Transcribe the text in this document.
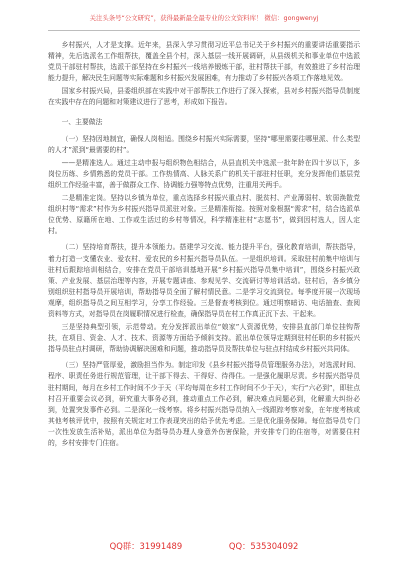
关注头条号“公文研究”，获得最新最全最专业的公文资料库！ 微信：gongwenyj

乡村振兴，人才是支撑。近年来，县深入学习贯彻习近平总书记关于乡村振兴的重要讲话重要指示精神，先后选派名工作组帮扶，覆盖全县个村，深入基层一线开展调研，从县级机关和事业单位中选派党员干部驻村帮扶，选派干部坚持在乡村振兴一线培养锻炼干部，驻村帮扶干部，有效推进了乡村治理能力提升，解决民生问题等实际难题和乡村振兴发展困难，有力推动了乡村振兴各项工作落地见效。

国家乡村振兴局，县委组织部在实践中对干部帮扶工作进行了深入探索，县对乡村振兴指导员制度在实践中存在的问题和对策建议进行了思考，形成如下报告。

一、主要做法

（一）坚持因地制宜，确保人岗相适。围绕乡村振兴实际需要，坚持“哪里需要往哪里派、什么类型的人才”派到“最需要的村”。

——是精准选人。通过主动申报与组织物色相结合，从县直机关中选派一批年龄在四十岁以下，多岗位历练、乡情熟悉的党员干部。工作热情高、人脉关系广的机关干部驻村任职，充分发挥他们基层党组织工作经验丰富，善于做群众工作、协调能力强等特点优势，注重用关两手。

二是精准定岗。坚持以乡镇为单位，重点选择乡村振兴重点村、脱贫村、产业薄弱村、软弱涣散党组织村等“需求”村作为乡村振兴指导员派驻对象。三是精准衔接。按照对象根据“需求”村，结合选派单位优势、原籍所在地、工作或生活过的乡村等情况，科学精准驻村“志愿书”，做到因村选人，因人定村。

（二）坚持培育帮扶，提升本领能力。搭建学习交流、能力提升平台，强化教育培训，帮扶指导，着力打造一支懂农业、爱农村、爱农民的乡村振兴指导员队伍。一是组织培训。采取驻村前集中培训与驻村后跟踪培训相结合，安排在党员干部培训基地开展“乡村振兴指导员集中培训”，围绕乡村振兴政策、产业发展、基层治理等内容，开展专题讲座、参观见学、交流研讨等培训活动。驻村后，各乡镇分别组织驻村指导员开展培训，帮助指导员全面了解村情民意。二是学习交流到位。每季度开展一次现场观摩，组织指导员之间互相学习，分享工作经验。三是督查考核到位。通过明察暗访、电话抽查、查阅资料等方式，对指导员在岗履职情况进行检查，确保指导员在村工作真正沉下去、干起来。

三是坚持典型引领，示范带动。充分发挥派出单位“娘家”人资源优势，安排县直部门单位挂钩帮扶，在项目、资金、人才、技术、资源等方面给予倾斜支持。派出单位领导定期到驻村任职的乡村振兴指导员驻点村调研，帮助协调解决困难和问题，推动指导员及帮扶单位与驻点村结成乡村振兴共同体。

（三）坚持严管厚爱，激励担当作为。制定印发《县乡村振兴指导员管理服务办法》，对选派时间、程序、职责任务进行规范管理，让干部下得去、干得好、待得住。一是强化履职尽责。乡村振兴指导员驻村期间，每月在乡村工作时间不少于天（平均每周在乡村工作时间不少于天），实行“六必到”，即驻点村召开重要会议必到，研究重大事务必到，推动重点工作必到，解决难点问题必到，化解重大纠纷必到，处置突发事件必到。二是深化一线考察。将乡村振兴指导员纳入一线跟踪考察对象，在年度考核或其他考核评优中，按照有关规定对工作表现突出的给予优先考虑。三是优化服务保障。每位指导员专门一次性发放生活补贴，派出单位为指导员办理人身意外伤害保险，并安排专门的住宿等，对需要住村的，乡村安排专门住宿。

QQ群：31991489	QQ：535304092
